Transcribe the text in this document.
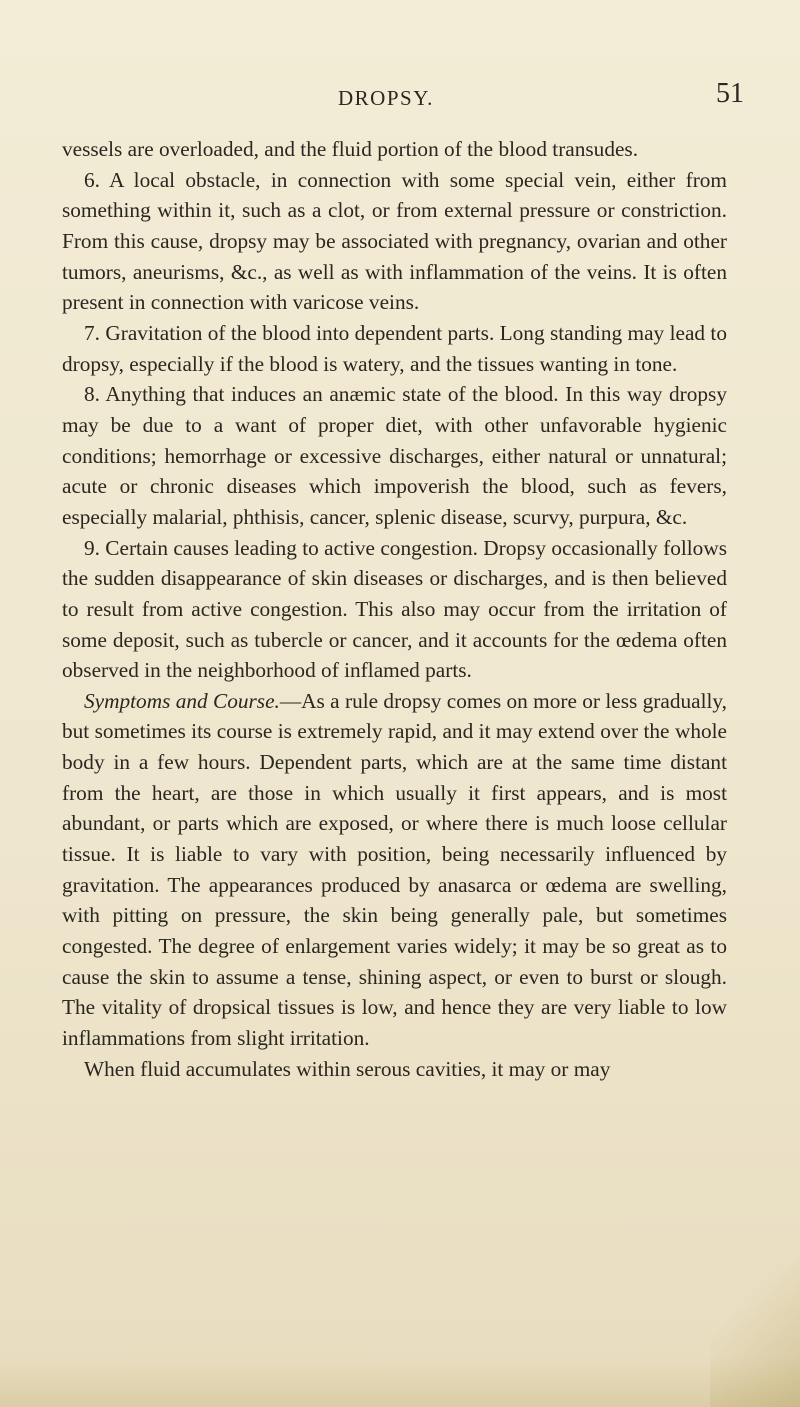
DROPSY.	51

vessels are overloaded, and the fluid portion of the blood transudes.

6. A local obstacle, in connection with some special vein, either from something within it, such as a clot, or from external pressure or constriction. From this cause, dropsy may be associated with pregnancy, ovarian and other tumors, aneurisms, &c., as well as with inflammation of the veins. It is often present in connection with varicose veins.

7. Gravitation of the blood into dependent parts. Long standing may lead to dropsy, especially if the blood is watery, and the tissues wanting in tone.

8. Anything that induces an anæmic state of the blood. In this way dropsy may be due to a want of proper diet, with other unfavorable hygienic conditions; hemorrhage or excessive discharges, either natural or unnatural; acute or chronic diseases which impoverish the blood, such as fevers, especially malarial, phthisis, cancer, splenic disease, scurvy, purpura, &c.

9. Certain causes leading to active congestion. Dropsy occasionally follows the sudden disappearance of skin diseases or discharges, and is then believed to result from active congestion. This also may occur from the irritation of some deposit, such as tubercle or cancer, and it accounts for the œdema often observed in the neighborhood of inflamed parts.

Symptoms and Course.—As a rule dropsy comes on more or less gradually, but sometimes its course is extremely rapid, and it may extend over the whole body in a few hours. Dependent parts, which are at the same time distant from the heart, are those in which usually it first appears, and is most abundant, or parts which are exposed, or where there is much loose cellular tissue. It is liable to vary with position, being necessarily influenced by gravitation. The appearances produced by anasarca or œdema are swelling, with pitting on pressure, the skin being generally pale, but sometimes congested. The degree of enlargement varies widely; it may be so great as to cause the skin to assume a tense, shining aspect, or even to burst or slough. The vitality of dropsical tissues is low, and hence they are very liable to low inflammations from slight irritation.

When fluid accumulates within serous cavities, it may or may
